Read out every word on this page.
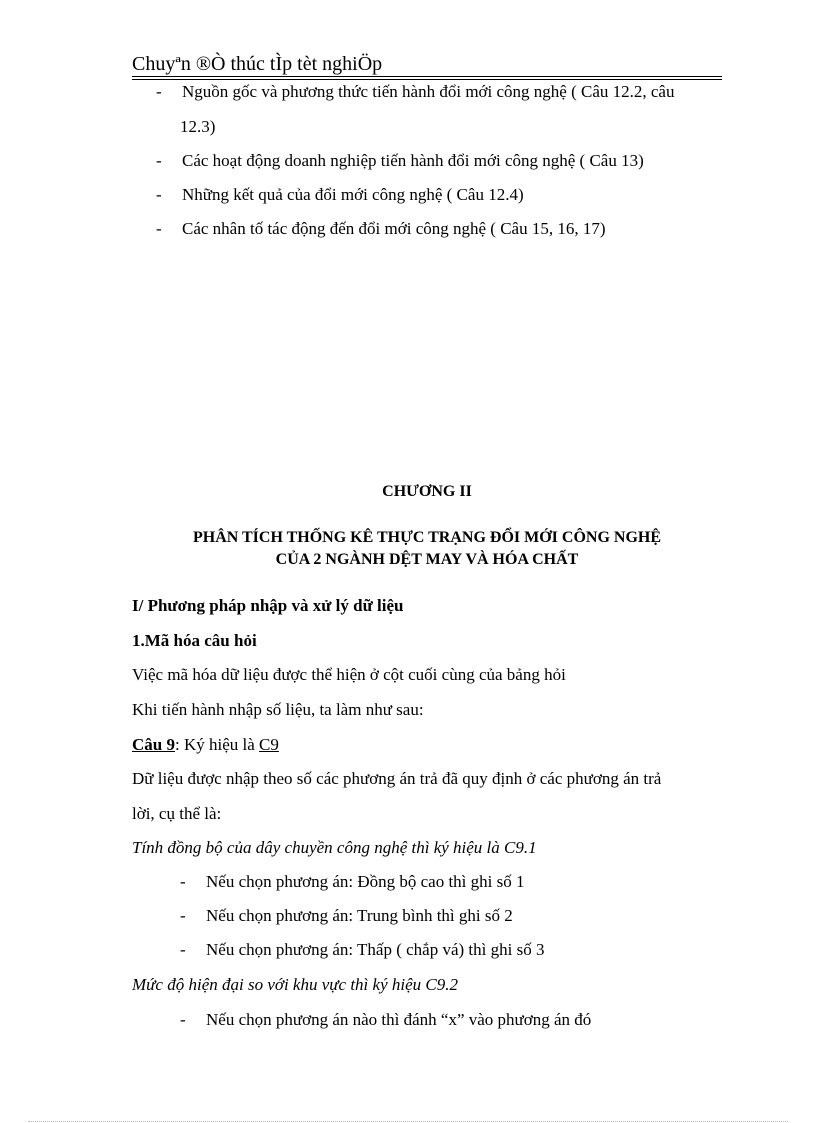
Chuyªn ®Ò thúc tÌp tèt nghiÖp
- Nguồn gốc và phương thức tiến hành đổi mới công nghệ ( Câu 12.2, câu
12.3)
- Các hoạt động doanh nghiệp tiến hành đổi mới công nghệ ( Câu 13)
- Những kết quả của đổi mới công nghệ ( Câu 12.4)
- Các nhân tố tác động đến đổi mới công nghệ ( Câu 15, 16, 17)
CHƯƠNG II
PHÂN TÍCH THỐNG KÊ THỰC TRẠNG ĐỔI MỚI CÔNG NGHỆ
CỦA 2 NGÀNH DỆT MAY VÀ HÓA CHẤT
I/ Phương pháp nhập và xử lý dữ liệu
1.Mã hóa câu hỏi
Việc mã hóa dữ liệu được thể hiện ở cột cuối cùng của bảng hỏi
Khi tiến hành nhập số liệu, ta làm như sau:
Câu 9: Ký hiệu là C9
Dữ liệu được nhập theo số các phương án trả đã quy định ở các phương án trả
lời, cụ thể là:
Tính đồng bộ của dây chuyền công nghệ thì ký hiệu là C9.1
- Nếu chọn phương án: Đồng bộ cao thì ghi số 1
- Nếu chọn phương án: Trung bình thì ghi số 2
- Nếu chọn phương án: Thấp ( chắp vá) thì ghi số 3
Mức độ hiện đại so với khu vực thì ký hiệu C9.2
- Nếu chọn phương án nào thì đánh “x” vào phương án đó
